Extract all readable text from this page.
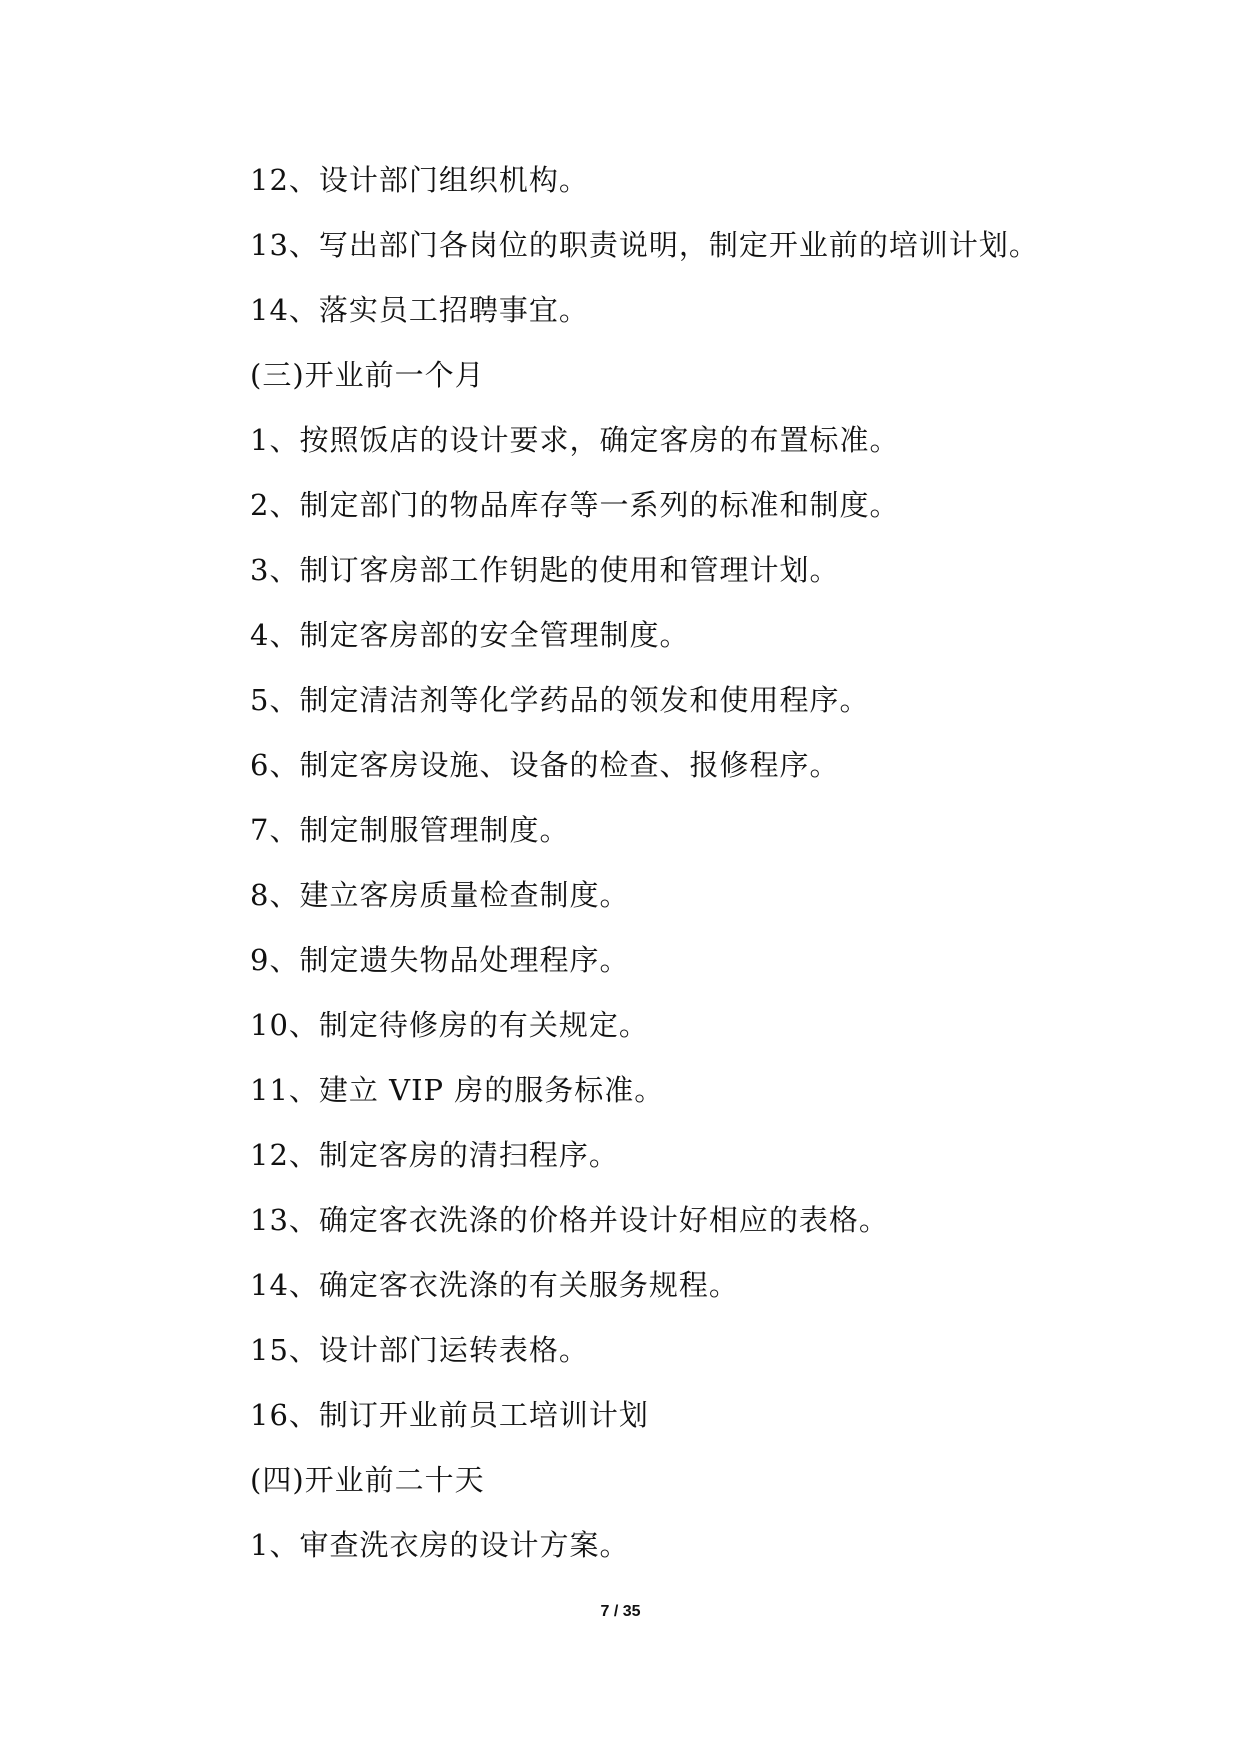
12、设计部门组织机构。
13、写出部门各岗位的职责说明，制定开业前的培训计划。
14、落实员工招聘事宜。
(三)开业前一个月
1、按照饭店的设计要求，确定客房的布置标准。
2、制定部门的物品库存等一系列的标准和制度。
3、制订客房部工作钥匙的使用和管理计划。
4、制定客房部的安全管理制度。
5、制定清洁剂等化学药品的领发和使用程序。
6、制定客房设施、设备的检查、报修程序。
7、制定制服管理制度。
8、建立客房质量检查制度。
9、制定遗失物品处理程序。
10、制定待修房的有关规定。
11、建立 VIP 房的服务标准。
12、制定客房的清扫程序。
13、确定客衣洗涤的价格并设计好相应的表格。
14、确定客衣洗涤的有关服务规程。
15、设计部门运转表格。
16、制订开业前员工培训计划
(四)开业前二十天
1、审查洗衣房的设计方案。
7 / 35
